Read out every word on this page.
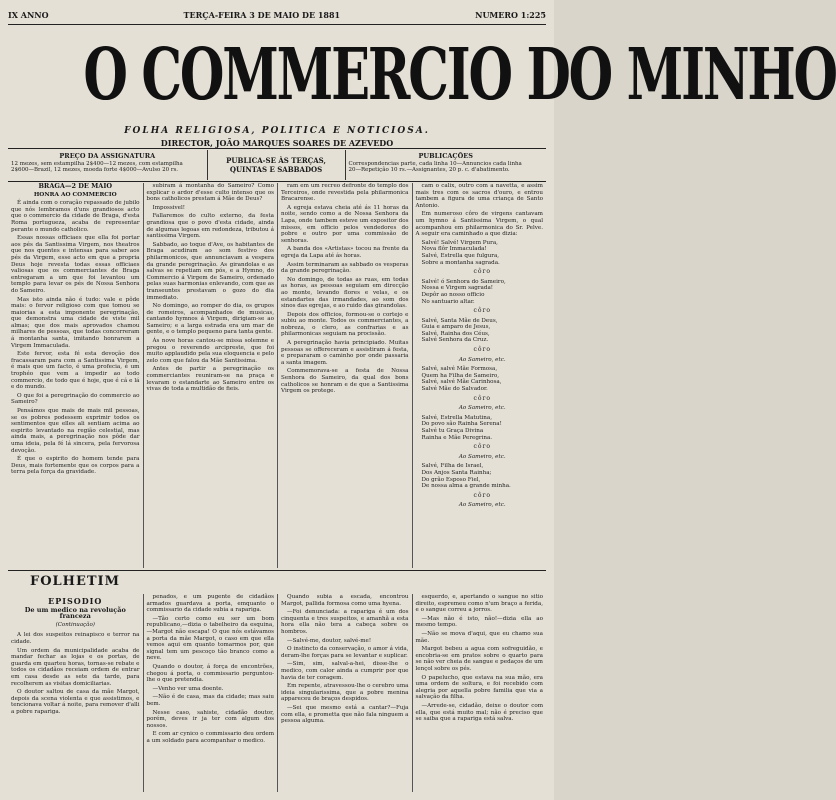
IX ANNO	TERÇA-FEIRA 3 DE MAIO DE 1881	NUMERO 1:225
O COMMERCIO DO MINHO
FOLHA RELIGIOSA, POLITICA E NOTICIOSA.
DIRECTOR, JOÃO MARQUES SOARES DE AZEVEDO
PREÇO DA ASSIGNATURA
12 mezes, sem estampilha 2$400—12 mezes, com estampilha
2$600—Brazil, 12 mezes, moeda forte 4$000—Avulso 20 rs.
PUBLICA-SE ÀS TERÇAS, QUINTAS E SABBADOS
PUBLICAÇÕES
Correspondencias parte, cada linha 10—Annuncios cada linha
20—Repetição 10 rs.—Assignantes, 20 p. c. d'abatimento.

BRAGA—2 DE MAIO

HONRA AO COMMERCIO

É ainda com o coração repassado de jubilo que nós lembramos d'uns grandiosos acto que o commercio da cidade de Braga, d'esta Roma portugueza, acaba de representar perante o mundo catholico.

Essas nossas officiaes que ella foi portar aos pés da Santissima Virgem, nos theatros que nos quentes e intensas para saber aos pés da Virgem, esse acto em que a propria Deus hoje revesta todas essas officiaes valiosas que os commerciantes de Braga entregaram a um que foi levantou um templo para levar os pés de Nossa Senhora do Sameiro.

Mas isto ainda não é tudo: vale e pôde mais: o fervor religioso com que tomou se maiorias a esta imponente peregrinação, que demonstra uma cidade de viste mil almas; que dos mais aprovados chamou milhares de pessoas, que todas concorreram á montanha santa, imitando honrarem a Virgem Immaculada.

Este fervor, esta fé esta devoção dos fracassaram para com a Santissima Virgem, é mais que um facto, é uma profecia, é um trophéo que vem a impedir ao todo commercio, de todo que é hoje, que é cá e lá e do mundo.

O que foi a peregrinação do commercio ao Sameiro?

Pensámos que mais de mais mil pessoas, se os pobres podessem exprimir todos os sentimentos que elles ali sentiam acima ao espirito levantado na região celestial, mas ainda mais, a peregrinação nos pôde dar uma ideia, pela fé lá sincera, pela fervorosa devoção.

É que o espirito do homem tende para Deus, mais fortemente que os corpos para a terra pela força da gravidade.

subiram á montanha do Sameiro? Como explicar o ardor d'esse culto intenso que os bons catholicos prestam á Mãe de Deus?

Impossivel!

Fallaremos do culto externo, da festa grandiosa que o povo d'esta cidade, ainda de algumas legoas em redondeza, tributou á santissima Virgem.

Sabbado, ao toque d'Ave, os habitantes de Braga acudiram ao som festivo dos philarmonicos, que annunciavam a vespera da grande peregrinação. As girandolas e as salvas se repetiam em pós, e a Hymno, do Commercio á Virgem de Sameiro, ordenado pelas suas harmonias enlevando, com que as transeuntes prestavam o gozo do dia immediato.

No domingo, ao romper do dia, os grupos de romeiros, acompanhados de musicas, cantando hymnos á Virgem, dirigiam-se ao Sameiro; e a larga estrada era um mar de gente, e o templo pequeno para tanta gente.

Ás nove horas cantou-se missa solemne e pregou o reverendo arcipreste, que foi muito applaudido pela sua eloquencia e pelo zelo com que falou da Mãe Santissima.

Antes de partir a peregrinação os commerciantes reuniram-se na praça e levaram o estandarte ao Sameiro entre os vivas de toda a multidão de fieis.

ram em um recreo defronte do templo dos Terceiros, onde revestida pela philarmonica Bracarense.

A egreja estava cheia até ás 11 horas da noite, sendo como a de Nossa Senhora da Lapa, onde tambem esteve um expositor dos missos, em officio pelos vendedores do pobre e outro por uma commissão de senhoras.

A banda dos «Artistas» tocou na frente da egreja da Lapa até ás horas.

Assim terminaram as sabbado os vesperas da grande peregrinação.

No domingo, de todas as ruas, em todas as horas, as pessoas seguiam em direcção ao monte, levando flores e velas, e os estandartes das irmandades, ao som dos sinos das egrejas, e ao ruido das girandolas.

Depois dos officios, formou-se o cortejo e subiu ao monte. Todos os commerciantes, a nobreza, o clero, as confrarias e as philarmonicas seguiam na procissão.

A peregrinação havia principiado. Muitas pessoas se offereceram e assistiram á festa, e prepararam o caminho por onde passaria a santa imagem.

Commemorava-se a festa de Nossa Senhora do Sameiro, da qual dos bons catholicos se honram e de que a Santissima Virgem os protege.

cam o calix, outro com a navetta, e assim mais tres com os sacros d'ouro, e entrou tambem a figura de uma criança de Santo Antonio.

Em numeroso côro de virgens cantavam um hymno á Santissima Virgem, o qual acompanhou em philarmonica do Sr. Pelve. A seguir era caminhado a que dizia:

Salvé! Salvé! Virgem Pura,

Nova flôr Immaculada!

Salvé, Estrella que fulgura,

Sobre a montanha sagrada.

côro

Salvé! ó Senhora do Sameiro,

Nossa e Virgem sagrada!

Depôr ao nosso officio

No santuario altar.

côro

Salvé, Santa Mãe de Deus,

Guia e amparo de Jesus,

Salvé, Rainha dos Céus,

Salvé Senhora da Cruz.

côro

Ao Sameiro, etc.

Salvé, salvé Mãe Formosa,

Quem ha Filha de Sameiro,

Salvé, salvé Mãe Carinhosa,

Salvé Mãe do Salvador.

côro

Ao Sameiro, etc.

Salvé, Estrella Matutina,

Do povo são Rainha Serena!

Salvé tu Graça Divina

Rainha e Mãe Peregrina.

côro

Ao Sameiro, etc.

Salvé, Filha de Israel,

Dos Anjos Santa Rainha;

Do grão Esposo Fiel,

De nossa alma a grande minha.

côro

Ao Sameiro, etc.

FOLHETIM
EPISODIO
De um medico na revolução franceza
(Continuação)

A lei dos suspeitos reinapisco e terror na cidade.

Um ordem da municipalidade acaba de mandar fechar as lojas e os portas, de guarda em quarteu horas, tornas-se rebate e todos os cidadãos receiam ordem de entrar em casa desde as sete da tarde, para recolherem as visitas domiciliarias.

O doutor saltou de casa da mãe Margot, depois da scena violenta e que assistimos, e tencionava voltar á noite, para remover d'alli a pobre rapariga.

penados, e um pugente de cidadãos armados guardava a porta, emquanto o commissario da cidade subia a rapariga.

—Tão certo como eu ser um bom republicano,—dizia o tabelheiro da esquina,—Margot não escapa! O que nós estávamos a porta da mãe Margot, o caso em que ella vemos aqui em quanto tomarmos por, que signal tem um pescoço tão branco como a neve.

Quando o doutor, á força de encontrões, chegou á porta, o commissario perguntou-lhe o que pretendia.

—Venho ver uma doente.

—Não é de casa, mas da cidade; mas saiu bem.

Nesse caso, sahiste, cidadão doutor, porém, deves ir ja ter com algum dos nossos.

E com ar cynico o commissario deu ordem a um soldado para acompanhar o medico.

Quando subia a escada, encontrou Margot, pallida formosa como uma hyena.

—Foi denunciada: a rapariga é um dos cinquenta e tres suspeitos, e amanhã a esta hora ella não tera a cabeça sobre os hombros.

—Salvé-me, doutor, salvé-me!

O instincto da conservação, o amor á vida, deram-lhe forças para se levantar e suplicar.

—Sim, sim, salval-a-hei, disse-lhe o medico, com calor ainda a cumprir por que havia de ter coragem.

Em repente, atravessou-lhe o cerebro uma ideia singularissima, que a pobre menina appareceu de braços despidos.

—Sei que mesmo está a cantar?—Fuja com ella, e prometta que não fala ninguem a pessoa alguma.

esquerdo, e, apertando o sangue no sitio direito, espremeu como n'um braço a ferida, e o sangue correu a jorros.

—Mas não é isto, não!—dizia ella ao mesmo tempo.

—Não se mova d'aqui, que eu chamo sua mãe.

Margot bebeu a agua com sofreguidão, e encobria-se em pratos sobre o quarto para se não ver cheia de sangue e pedaços de um lençol sobre os pés.

O papelucho, que estava na sua mão, era uma ordem de soltura, e foi recebido com alegria por aquella pobre familia que via a salvação da filha.

—Arrede-se, cidadão, deixe o doutor com ella, que está muito mal; não é preciso que se saiba que a rapariga está salva.
